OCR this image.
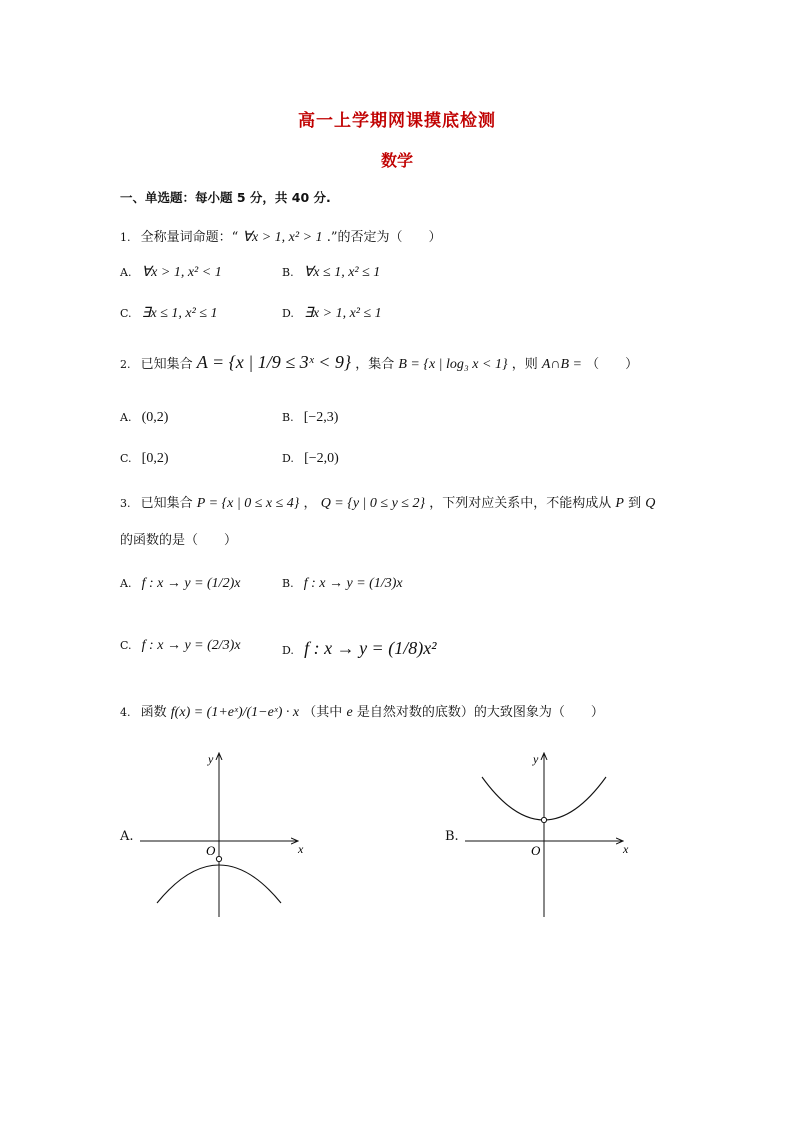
高一上学期网课摸底检测
数学
一、单选题：每小题 5 分，共 40 分.
1. 全称量词命题：“ ∀x > 1, x² > 1 .”的否定为（　　）
A. ∀x > 1, x² < 1	B. ∀x ≤ 1, x² ≤ 1
C. ∃x ≤ 1, x² ≤ 1	D. ∃x > 1, x² ≤ 1
2. 已知集合 A = {x | 1/9 ≤ 3ˣ < 9} ，集合 B = {x | log₃ x < 1} ，则 A∩B = （　　）
A. (0,2)	B. [−2,3)
C. [0,2)	D. [−2,0)
3. 已知集合 P = {x | 0 ≤ x ≤ 4} ， Q = {y | 0 ≤ y ≤ 2} ，下列对应关系中，不能构成从 P 到 Q
的函数的是（　　）
A. f : x → y = (1/2)x	B. f : x → y = (1/3)x
C. f : x → y = (2/3)x	D. f : x → y = (1/8)x²
4. 函数 f(x) = (1+eˣ)/(1−eˣ) · x （其中 e 是自然对数的底数）的大致图象为（　　）
A.
O	x
y
B.
O	x
y
